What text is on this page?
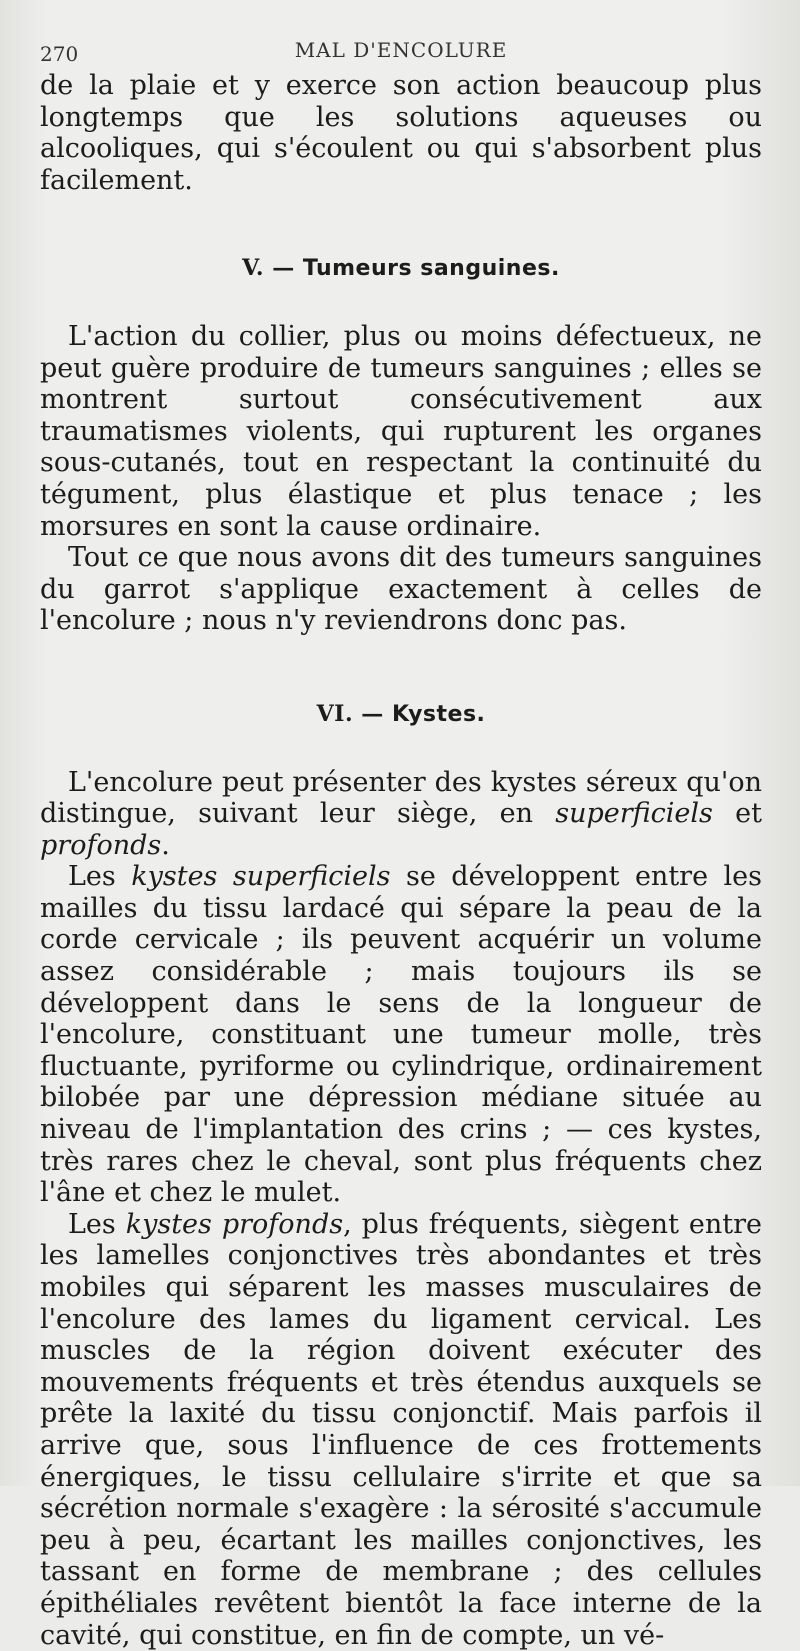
270	MAL D'ENCOLURE

de la plaie et y exerce son action beaucoup plus longtemps que les solutions aqueuses ou alcooliques, qui s'écoulent ou qui s'absorbent plus facilement.

V. — Tumeurs sanguines.

L'action du collier, plus ou moins défectueux, ne peut guère produire de tumeurs sanguines ; elles se montrent surtout consécutivement aux traumatismes violents, qui rupturent les organes sous-cutanés, tout en respectant la continuité du tégument, plus élastique et plus tenace ; les morsures en sont la cause ordinaire.

Tout ce que nous avons dit des tumeurs sanguines du garrot s'applique exactement à celles de l'encolure ; nous n'y reviendrons donc pas.

VI. — Kystes.

L'encolure peut présenter des kystes séreux qu'on distingue, suivant leur siège, en superficiels et profonds.

Les kystes superficiels se développent entre les mailles du tissu lardacé qui sépare la peau de la corde cervicale ; ils peuvent acquérir un volume assez considérable ; mais toujours ils se développent dans le sens de la longueur de l'encolure, constituant une tumeur molle, très fluctuante, pyriforme ou cylindrique, ordinairement bilobée par une dépression médiane située au niveau de l'implantation des crins ; — ces kystes, très rares chez le cheval, sont plus fréquents chez l'âne et chez le mulet.

Les kystes profonds, plus fréquents, siègent entre les lamelles conjonctives très abondantes et très mobiles qui séparent les masses musculaires de l'encolure des lames du ligament cervical. Les muscles de la région doivent exécuter des mouvements fréquents et très étendus auxquels se prête la laxité du tissu conjonctif. Mais parfois il arrive que, sous l'influence de ces frottements énergiques, le tissu cellulaire s'irrite et que sa sécrétion normale s'exagère : la sérosité s'accumule peu à peu, écartant les mailles conjonctives, les tassant en forme de membrane ; des cellules épithéliales revêtent bientôt la face interne de la cavité, qui constitue, en fin de compte, un vé-
